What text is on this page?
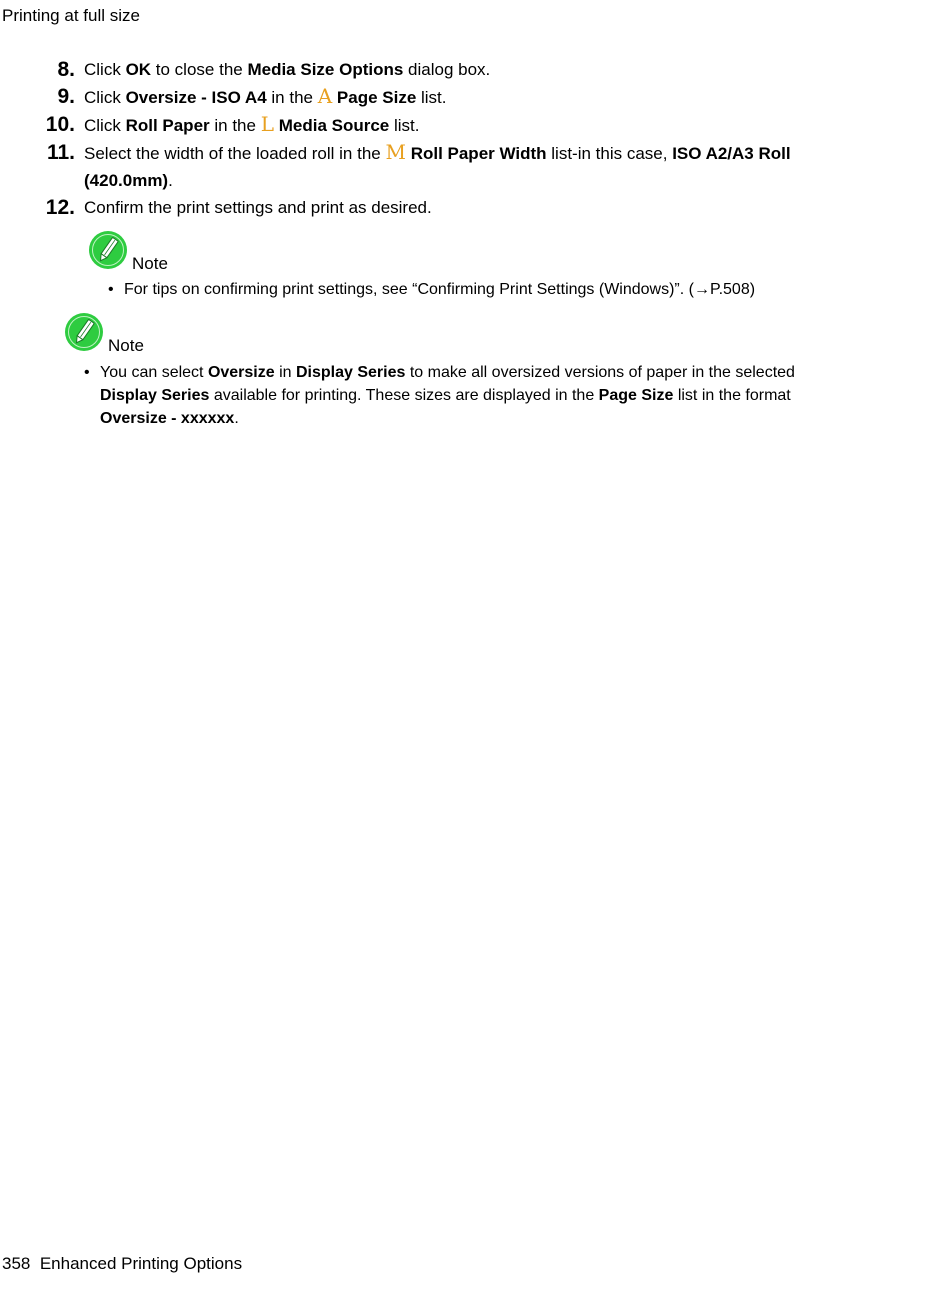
Printing at full size
8. Click OK to close the Media Size Options dialog box.
9. Click Oversize - ISO A4 in the A Page Size list.
10. Click Roll Paper in the L Media Source list.
11. Select the width of the loaded roll in the M Roll Paper Width list-in this case, ISO A2/A3 Roll (420.0mm).
12. Confirm the print settings and print as desired.
Note
• For tips on confirming print settings, see “Confirming Print Settings (Windows)”. (→P.508)
Note
• You can select Oversize in Display Series to make all oversized versions of paper in the selected Display Series available for printing. These sizes are displayed in the Page Size list in the format Oversize - xxxxxx.
358 Enhanced Printing Options
